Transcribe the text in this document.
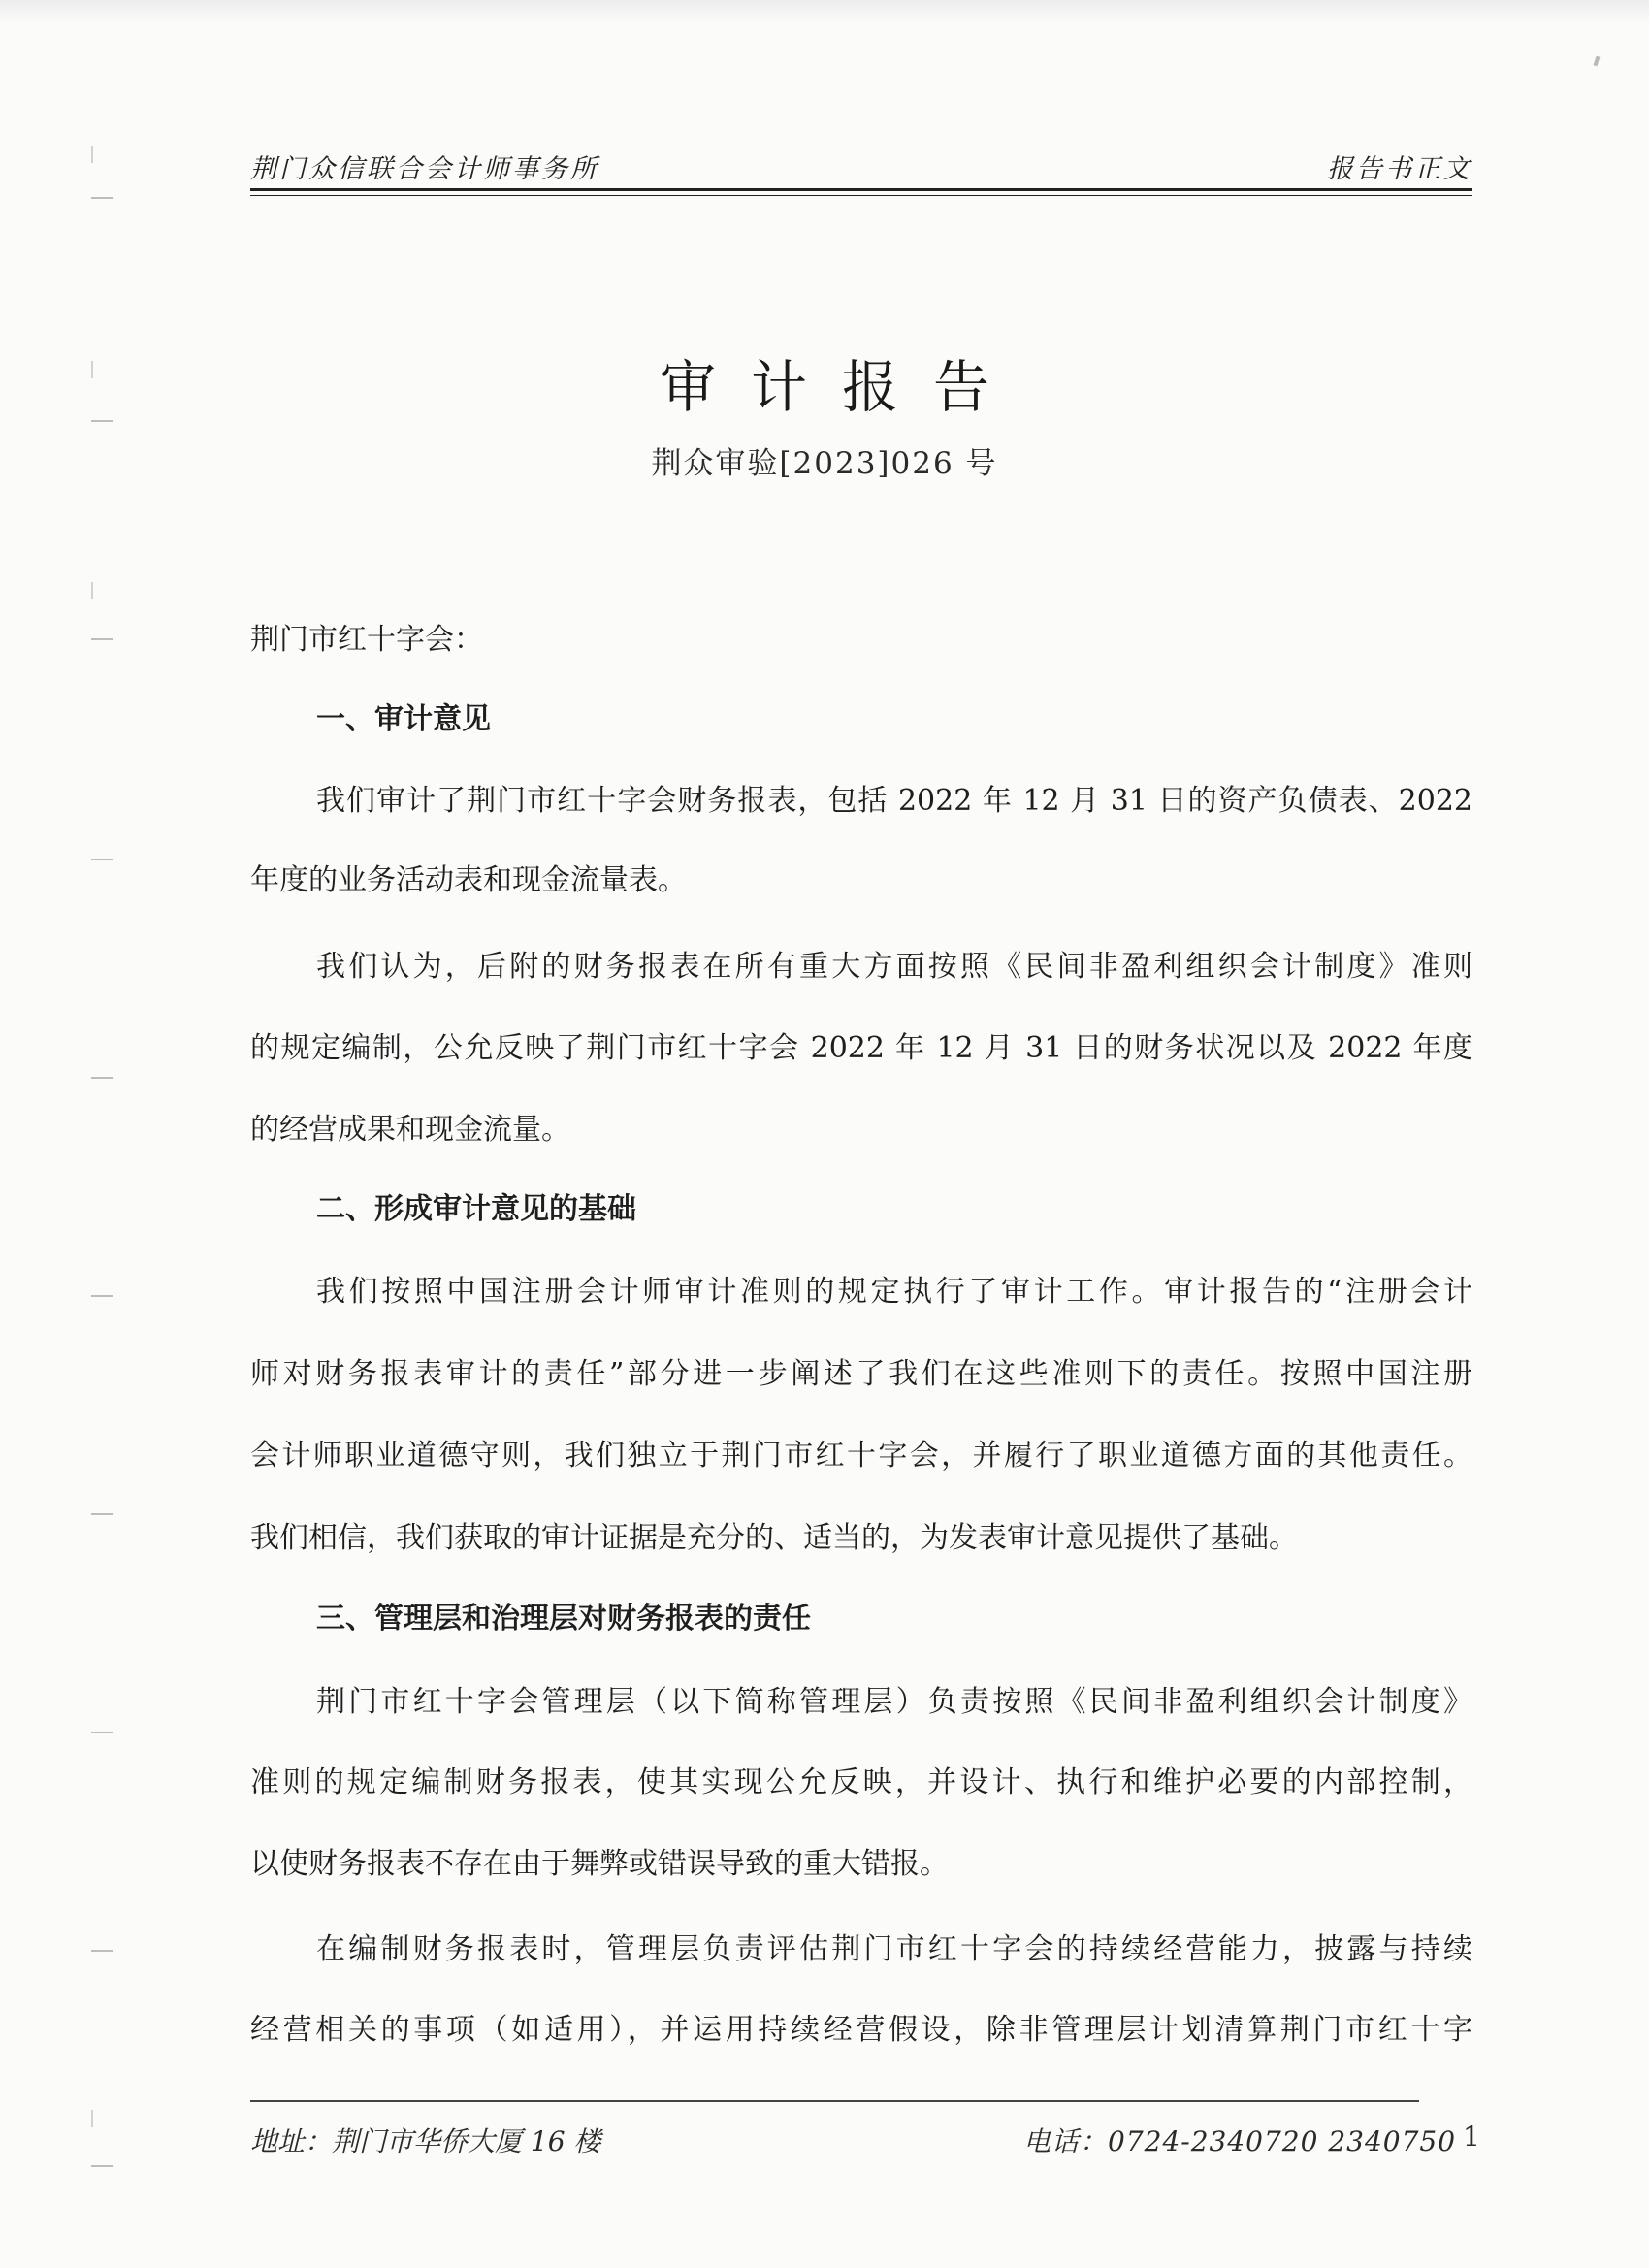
荆门众信联合会计师事务所	报告书正文
审计报告
荆众审验[2023]026 号
荆门市红十字会：
一、审计意见
我们审计了荆门市红十字会财务报表，包括 2022 年 12 月 31 日的资产负债表、2022
年度的业务活动表和现金流量表。
我们认为，后附的财务报表在所有重大方面按照《民间非盈利组织会计制度》准则
的规定编制，公允反映了荆门市红十字会 2022 年 12 月 31 日的财务状况以及 2022 年度
的经营成果和现金流量。
二、形成审计意见的基础
我们按照中国注册会计师审计准则的规定执行了审计工作。审计报告的“注册会计
师对财务报表审计的责任”部分进一步阐述了我们在这些准则下的责任。按照中国注册
会计师职业道德守则，我们独立于荆门市红十字会，并履行了职业道德方面的其他责任。
我们相信，我们获取的审计证据是充分的、适当的，为发表审计意见提供了基础。
三、管理层和治理层对财务报表的责任
荆门市红十字会管理层（以下简称管理层）负责按照《民间非盈利组织会计制度》
准则的规定编制财务报表，使其实现公允反映，并设计、执行和维护必要的内部控制，
以使财务报表不存在由于舞弊或错误导致的重大错报。
在编制财务报表时，管理层负责评估荆门市红十字会的持续经营能力，披露与持续
经营相关的事项（如适用），并运用持续经营假设，除非管理层计划清算荆门市红十字
地址：荆门市华侨大厦 16 楼	电话：0724-2340720 2340750 1
